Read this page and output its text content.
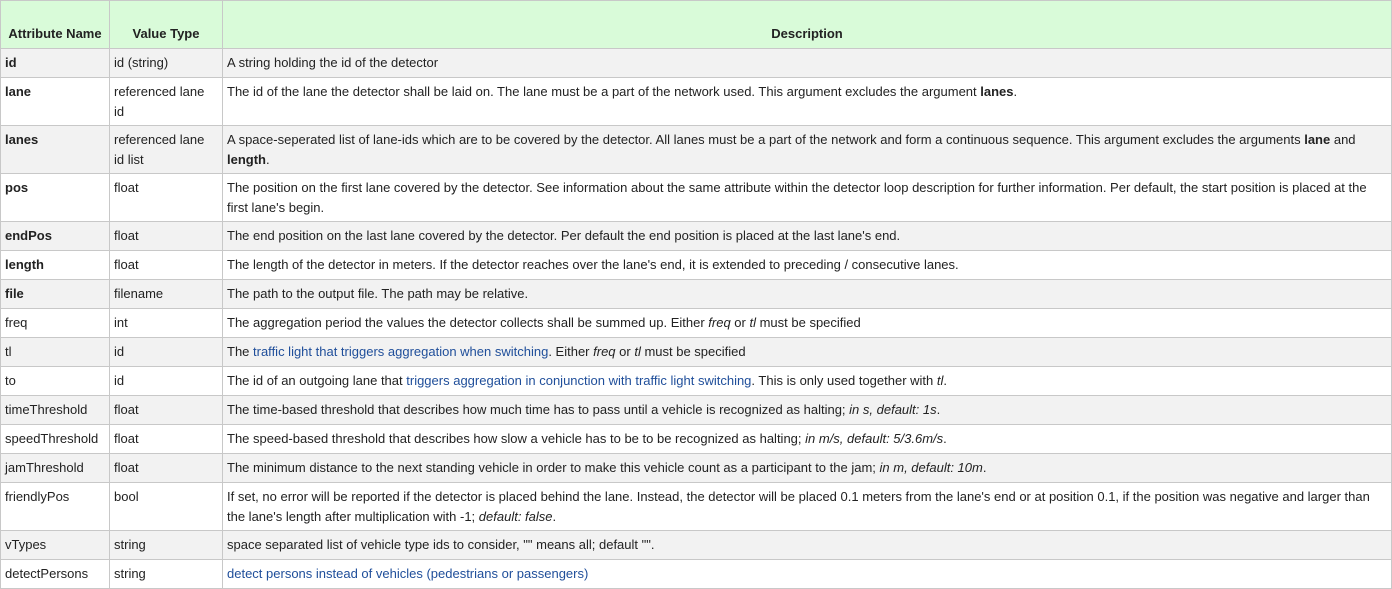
Attribute Name	Value Type	Description
id	id (string)	A string holding the id of the detector
lane	referenced lane id	The id of the lane the detector shall be laid on. The lane must be a part of the network used. This argument excludes the argument lanes.
lanes	referenced lane id list	A space-seperated list of lane-ids which are to be covered by the detector. All lanes must be a part of the network and form a continuous sequence. This argument excludes the arguments lane and length.
pos	float	The position on the first lane covered by the detector. See information about the same attribute within the detector loop description for further information. Per default, the start position is placed at the first lane's begin.
endPos	float	The end position on the last lane covered by the detector. Per default the end position is placed at the last lane's end.
length	float	The length of the detector in meters. If the detector reaches over the lane's end, it is extended to preceding / consecutive lanes.
file	filename	The path to the output file. The path may be relative.
freq	int	The aggregation period the values the detector collects shall be summed up. Either freq or tl must be specified
tl	id	The traffic light that triggers aggregation when switching. Either freq or tl must be specified
to	id	The id of an outgoing lane that triggers aggregation in conjunction with traffic light switching. This is only used together with tl.
timeThreshold	float	The time-based threshold that describes how much time has to pass until a vehicle is recognized as halting; in s, default: 1s.
speedThreshold	float	The speed-based threshold that describes how slow a vehicle has to be to be recognized as halting; in m/s, default: 5/3.6m/s.
jamThreshold	float	The minimum distance to the next standing vehicle in order to make this vehicle count as a participant to the jam; in m, default: 10m.
friendlyPos	bool	If set, no error will be reported if the detector is placed behind the lane. Instead, the detector will be placed 0.1 meters from the lane's end or at position 0.1, if the position was negative and larger than the lane's length after multiplication with -1; default: false.
vTypes	string	space separated list of vehicle type ids to consider, "" means all; default "".
detectPersons	string	detect persons instead of vehicles (pedestrians or passengers)
